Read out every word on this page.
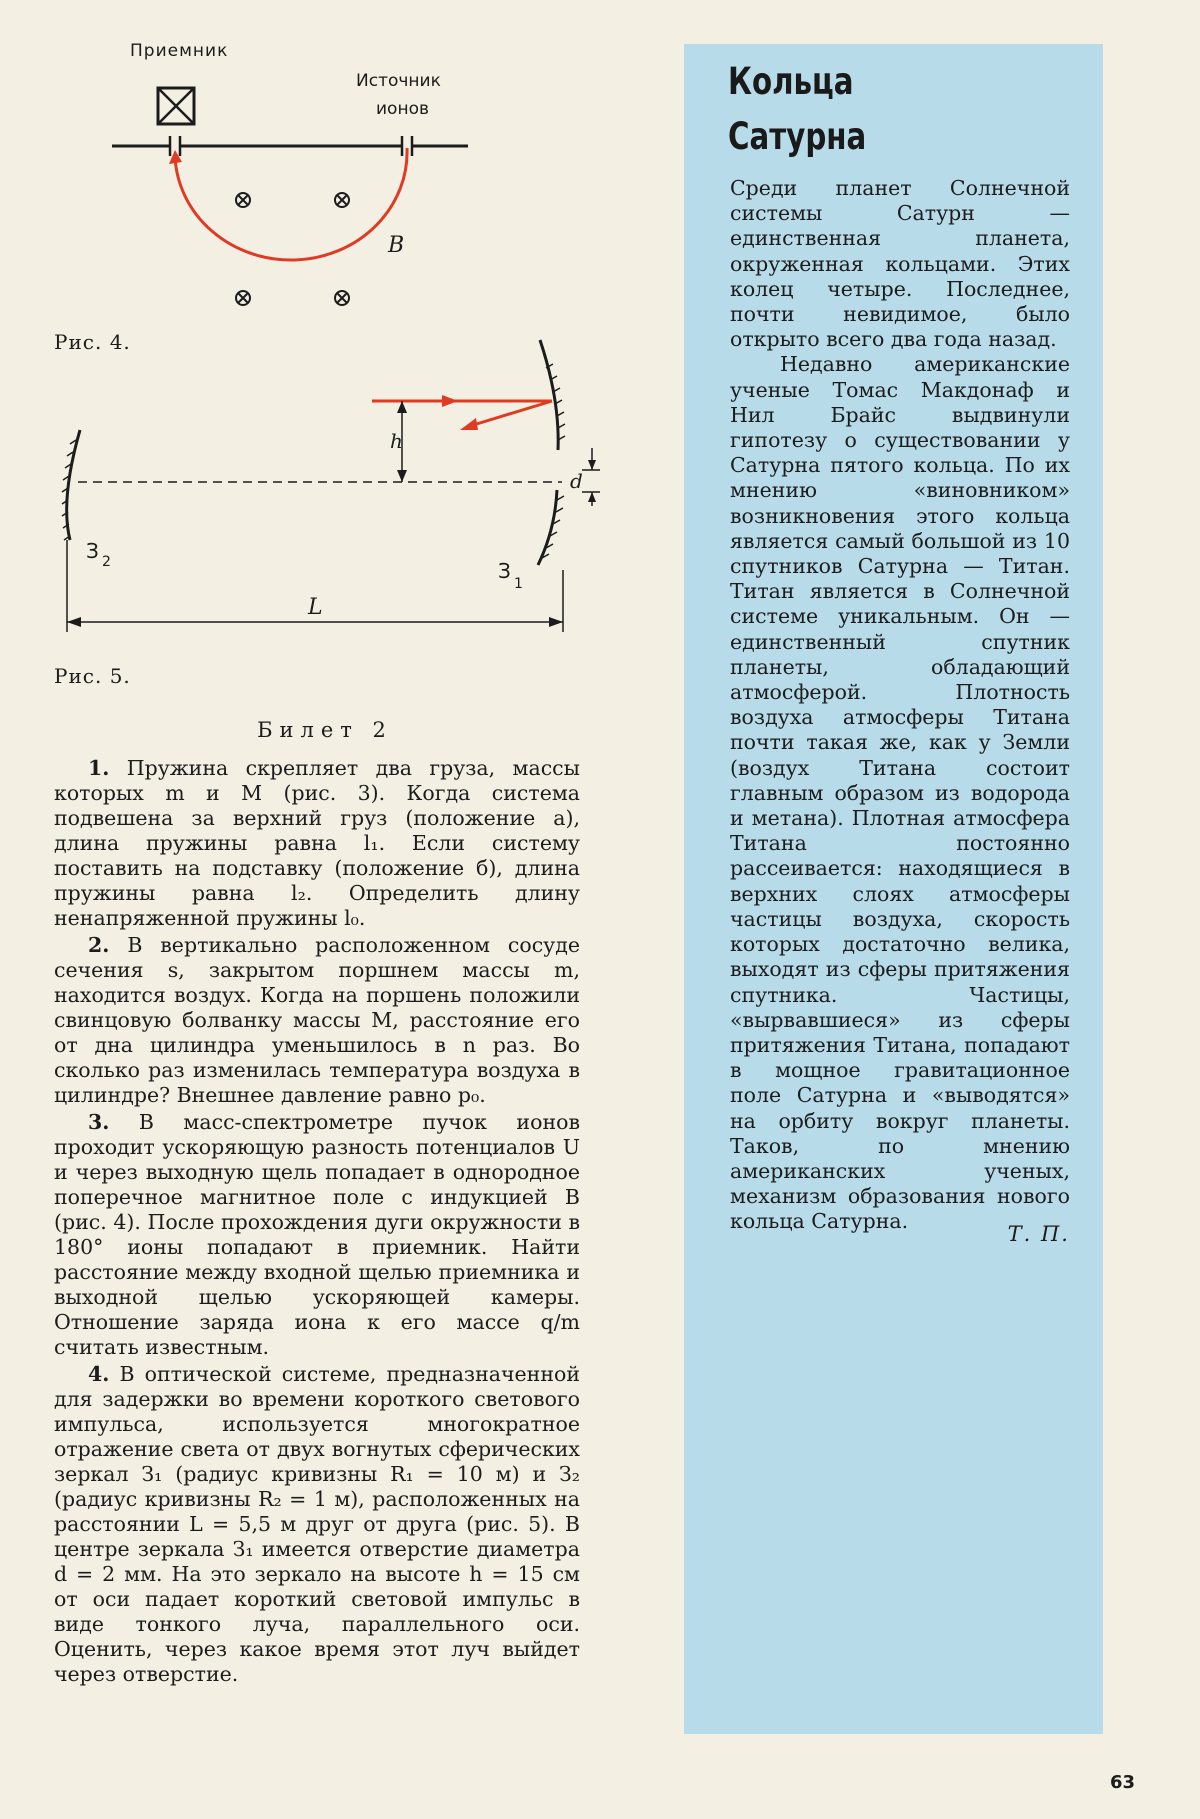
Приемник
Источник
ионов
B
Рис. 4.
З 2	З
1
h
d
L
Рис. 5.
Билет 2

1. Пружина скрепляет два груза, массы которых m и M (рис. 3). Когда система подвешена за верхний груз (положение а), длина пружины равна l₁. Если систему поставить на подставку (положение б), длина пружины равна l₂. Определить длину ненапряженной пружины l₀.

2. В вертикально расположенном сосуде сечения s, закрытом поршнем массы m, находится воздух. Когда на поршень положили свинцовую болванку массы M, расстояние его от дна цилиндра уменьшилось в n раз. Во сколько раз изменилась температура воздуха в цилиндре? Внешнее давление равно p₀.

3. В масс-спектрометре пучок ионов проходит ускоряющую разность потенциалов U и через выходную щель попадает в однородное поперечное магнитное поле с индукцией B (рис. 4). После прохождения дуги окружности в 180° ионы попадают в приемник. Найти расстояние между входной щелью приемника и выходной щелью ускоряющей камеры. Отношение заряда иона к его массе q/m считать известным.

4. В оптической системе, предназначенной для задержки во времени короткого светового импульса, используется многократное отражение света от двух вогнутых сферических зеркал З₁ (радиус кривизны R₁ = 10 м) и З₂ (радиус кривизны R₂ = 1 м), расположенных на расстоянии L = 5,5 м друг от друга (рис. 5). В центре зеркала З₁ имеется отверстие диаметра d = 2 мм. На это зеркало на высоте h = 15 см от оси падает короткий световой импульс в виде тонкого луча, параллельного оси. Оценить, через какое время этот луч выйдет через отверстие.

Кольца
Сатурна

Среди планет Солнечной системы Сатурн — единственная планета, окруженная кольцами. Этих колец четыре. Последнее, почти невидимое, было открыто всего два года назад.

Недавно американские ученые Томас Макдонаф и Нил Брайс выдвинули гипотезу о существовании у Сатурна пятого кольца. По их мнению «виновником» возникновения этого кольца является самый большой из 10 спутников Сатурна — Титан. Титан является в Солнечной системе уникальным. Он — единственный спутник планеты, обладающий атмосферой. Плотность воздуха атмосферы Титана почти такая же, как у Земли (воздух Титана состоит главным образом из водорода и метана). Плотная атмосфера Титана постоянно рассеивается: находящиеся в верхних слоях атмосферы частицы воздуха, скорость которых достаточно велика, выходят из сферы притяжения спутника. Частицы, «вырвавшиеся» из сферы притяжения Титана, попадают в мощное гравитационное поле Сатурна и «выводятся» на орбиту вокруг планеты. Таков, по мнению американских ученых, механизм образования нового кольца Сатурна.

Т. П.
63
